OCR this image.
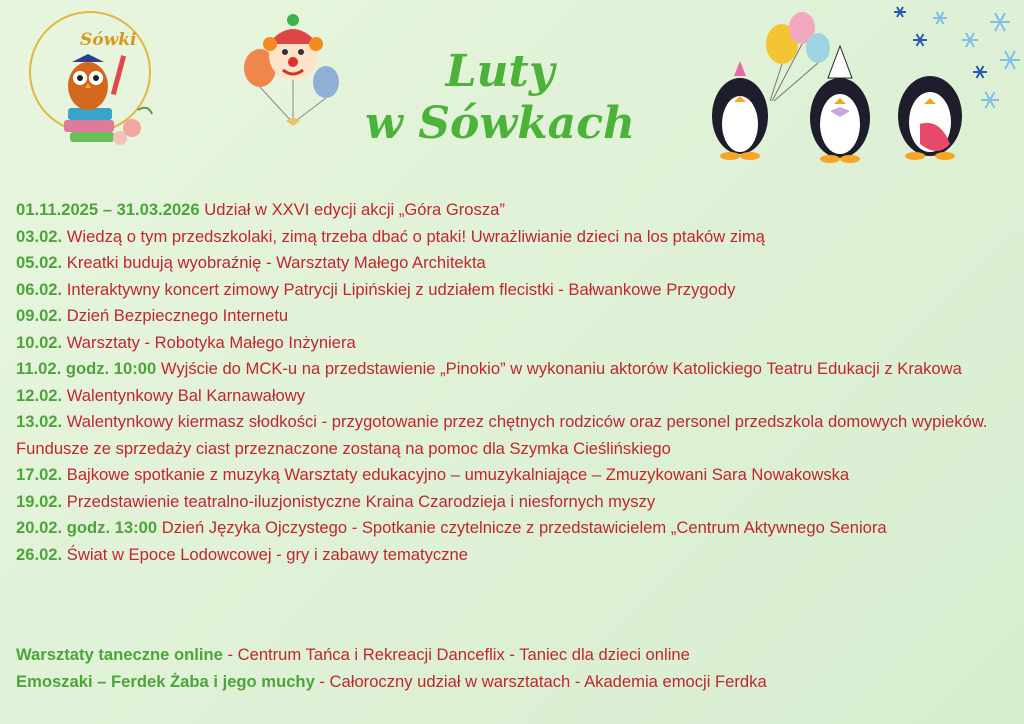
Sówki
Luty
w Sówkach
01.11.2025 – 31.03.2026 Udział w XXVI edycji akcji „Góra Grosza”
03.02. Wiedzą o tym przedszkolaki, zimą trzeba dbać o ptaki! Uwrażliwianie dzieci na los ptaków zimą
05.02. Kreatki budują wyobraźnię - Warsztaty Małego Architekta
06.02. Interaktywny koncert zimowy Patrycji Lipińskiej z udziałem flecistki - Bałwankowe Przygody
09.02. Dzień Bezpiecznego Internetu
10.02. Warsztaty - Robotyka Małego Inżyniera
11.02. godz. 10:00 Wyjście do MCK-u na przedstawienie „Pinokio” w wykonaniu aktorów Katolickiego Teatru Edukacji z Krakowa
12.02. Walentynkowy Bal Karnawałowy
13.02. Walentynkowy kiermasz słodkości - przygotowanie przez chętnych rodziców oraz personel przedszkola domowych wypieków. Fundusze ze sprzedaży ciast przeznaczone zostaną na pomoc dla Szymka Cieślińskiego
17.02. Bajkowe spotkanie z muzyką Warsztaty edukacyjno – umuzykalniające – Zmuzykowani Sara Nowakowska
19.02. Przedstawienie teatralno-iluzjonistyczne Kraina Czarodzieja i niesfornych myszy
20.02. godz. 13:00 Dzień Języka Ojczystego - Spotkanie czytelnicze z przedstawicielem „Centrum Aktywnego Seniora
26.02. Świat w Epoce Lodowcowej - gry i zabawy tematyczne
Warsztaty taneczne online - Centrum Tańca i Rekreacji Danceflix - Taniec dla dzieci online
Emoszaki – Ferdek Żaba i jego muchy - Całoroczny udział w warsztatach - Akademia emocji Ferdka
